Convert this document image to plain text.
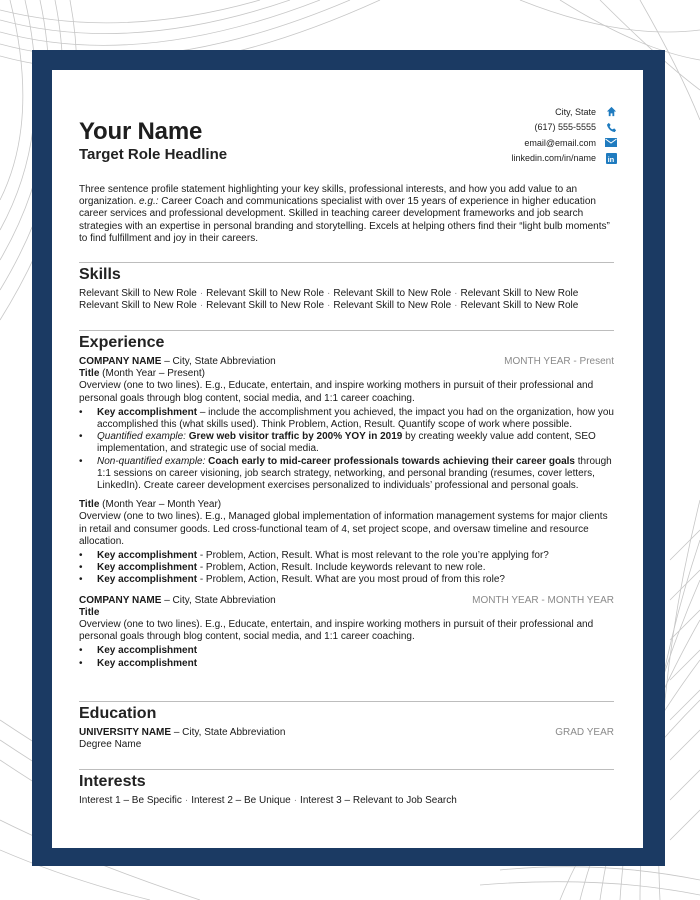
Your Name
Target Role Headline
City, State
(617) 555-5555
email@email.com
linkedin.com/in/name in
Three sentence profile statement highlighting your key skills, professional interests, and how you add value to an organization. e.g.: Career Coach and communications specialist with over 15 years of experience in higher education career services and professional development. Skilled in teaching career development frameworks and job search strategies with an expertise in personal branding and storytelling. Excels at helping others find their “light bulb moments” to find fulfillment and joy in their careers.
Skills
Relevant Skill to New Role · Relevant Skill to New Role · Relevant Skill to New Role · Relevant Skill to New Role
Relevant Skill to New Role · Relevant Skill to New Role · Relevant Skill to New Role · Relevant Skill to New Role
Experience
COMPANY NAME – City, State Abbreviation	MONTH YEAR - Present
Title (Month Year – Present)
Overview (one to two lines). E.g., Educate, entertain, and inspire working mothers in pursuit of their professional and personal goals through blog content, social media, and 1:1 career coaching.
• Key accomplishment – include the accomplishment you achieved, the impact you had on the organization, how you accomplished this (what skills used). Think Problem, Action, Result. Quantify scope of work where possible.
• Quantified example: Grew web visitor traffic by 200% YOY in 2019 by creating weekly value add content, SEO implementation, and strategic use of social media.
• Non-quantified example: Coach early to mid-career professionals towards achieving their career goals through 1:1 sessions on career visioning, job search strategy, networking, and personal branding (resumes, cover letters, LinkedIn). Create career development exercises personalized to individuals’ professional and personal goals.
Title (Month Year – Month Year)
Overview (one to two lines). E.g., Managed global implementation of information management systems for major clients in retail and consumer goods. Led cross-functional team of 4, set project scope, and oversaw timeline and resource allocation.
• Key accomplishment - Problem, Action, Result. What is most relevant to the role you’re applying for?
• Key accomplishment - Problem, Action, Result. Include keywords relevant to new role.
• Key accomplishment - Problem, Action, Result. What are you most proud of from this role?
COMPANY NAME – City, State Abbreviation	MONTH YEAR - MONTH YEAR
Title
Overview (one to two lines). E.g., Educate, entertain, and inspire working mothers in pursuit of their professional and personal goals through blog content, social media, and 1:1 career coaching.
• Key accomplishment
• Key accomplishment
Education
UNIVERSITY NAME – City, State Abbreviation	GRAD YEAR
Degree Name
Interests
Interest 1 – Be Specific · Interest 2 – Be Unique · Interest 3 – Relevant to Job Search
